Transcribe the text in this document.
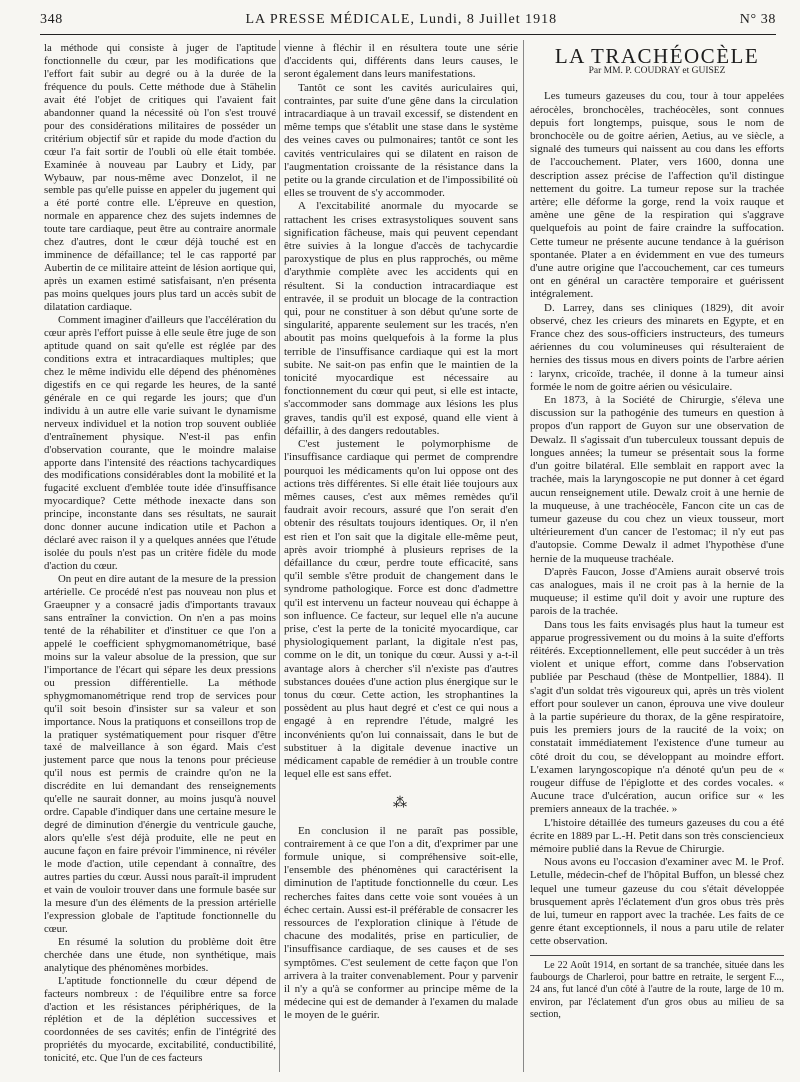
348	LA PRESSE MÉDICALE, Lundi, 8 Juillet 1918	N° 38

la méthode qui consiste à juger de l'aptitude fonctionnelle du cœur, par les modifications que l'effort fait subir au degré ou à la durée de la fréquence du pouls. Cette méthode due à Stähelin avait été l'objet de critiques qui l'avaient fait abandonner quand la nécessité où l'on s'est trouvé pour des considérations militaires de posséder un critérium objectif sûr et rapide du mode d'action du cœur l'a fait sortir de l'oubli où elle était tombée. Examinée à nouveau par Laubry et Lidy, par Wybauw, par nous-même avec Donzelot, il ne semble pas qu'elle puisse en appeler du jugement qui a été porté contre elle. L'épreuve en question, normale en apparence chez des sujets indemnes de toute tare cardiaque, peut être au contraire anormale chez d'autres, dont le cœur déjà touché est en imminence de défaillance; tel le cas rapporté par Aubertin de ce militaire atteint de lésion aortique qui, après un examen estimé satisfaisant, n'en présenta pas moins quelques jours plus tard un accès subit de dilatation cardiaque.

Comment imaginer d'ailleurs que l'accélération du cœur après l'effort puisse à elle seule être juge de son aptitude quand on sait qu'elle est réglée par des conditions extra et intracardiaques multiples; que chez le même individu elle dépend des phénomènes digestifs en ce qui regarde les heures, de la santé générale en ce qui regarde les jours; que d'un individu à un autre elle varie suivant le dynamisme nerveux individuel et la notion trop souvent oubliée d'entraînement physique. N'est-il pas enfin d'observation courante, que le moindre malaise apporte dans l'intensité des réactions tachycardiques des modifications considérables dont la mobilité et la fugacité excluent d'emblée toute idée d'insuffisance myocardique? Cette méthode inexacte dans son principe, inconstante dans ses résultats, ne saurait donc donner aucune indication utile et Pachon a déclaré avec raison il y a quelques années que l'étude isolée du pouls n'est pas un critère fidèle du mode d'action du cœur.

On peut en dire autant de la mesure de la pression artérielle. Ce procédé n'est pas nouveau non plus et Graeupner y a consacré jadis d'importants travaux sans entraîner la conviction. On n'en a pas moins tenté de la réhabiliter et d'instituer ce que l'on a appelé le coefficient sphygmomanométrique, basé moins sur la valeur absolue de la pression, que sur l'importance de l'écart qui sépare les deux pressions ou pression différentielle. La méthode sphygmomanométrique rend trop de services pour qu'il soit besoin d'insister sur sa valeur et son importance. Nous la pratiquons et conseillons trop de la pratiquer systématiquement pour risquer d'être taxé de malveillance à son égard. Mais c'est justement parce que nous la tenons pour précieuse qu'il nous est permis de craindre qu'on ne la discrédite en lui demandant des renseignements qu'elle ne saurait donner, au moins jusqu'à nouvel ordre. Capable d'indiquer dans une certaine mesure le degré de diminution d'énergie du ventricule gauche, alors qu'elle s'est déjà produite, elle ne peut en aucune façon en faire prévoir l'imminence, ni révéler le mode d'action, utile cependant à connaître, des autres parties du cœur. Aussi nous paraît-il imprudent et vain de vouloir trouver dans une formule basée sur la mesure d'un des éléments de la pression artérielle l'expression globale de l'aptitude fonctionnelle du cœur.

En résumé la solution du problème doit être cherchée dans une étude, non synthétique, mais analytique des phénomènes morbides.

L'aptitude fonctionnelle du cœur dépend de facteurs nombreux : de l'équilibre entre sa force d'action et les résistances périphériques, de la réplétion et de la déplétion successives et coordonnées de ses cavités; enfin de l'intégrité des propriétés du myocarde, excitabilité, conductibilité, tonicité, etc. Que l'un de ces facteurs

vienne à fléchir il en résultera toute une série d'accidents qui, différents dans leurs causes, le seront également dans leurs manifestations.

Tantôt ce sont les cavités auriculaires qui, contraintes, par suite d'une gêne dans la circulation intracardiaque à un travail excessif, se distendent en même temps que s'établit une stase dans le système des veines caves ou pulmonaires; tantôt ce sont les cavités ventriculaires qui se dilatent en raison de l'augmentation croissante de la résistance dans la petite ou la grande circulation et de l'impossibilité où elles se trouvent de s'y accommoder.

A l'excitabilité anormale du myocarde se rattachent les crises extrasystoliques souvent sans signification fâcheuse, mais qui peuvent cependant être suivies à la longue d'accès de tachycardie paroxystique de plus en plus rapprochés, ou même d'arythmie complète avec les accidents qui en résultent. Si la conduction intracardiaque est entravée, il se produit un blocage de la contraction qui, pour ne constituer à son début qu'une sorte de singularité, apparente seulement sur les tracés, n'en aboutit pas moins quelquefois à la forme la plus terrible de l'insuffisance cardiaque qui est la mort subite. Ne sait-on pas enfin que le maintien de la tonicité myocardique est nécessaire au fonctionnement du cœur qui peut, si elle est intacte, s'accommoder sans dommage aux lésions les plus graves, tandis qu'il est exposé, quand elle vient à défaillir, à des dangers redoutables.

C'est justement le polymorphisme de l'insuffisance cardiaque qui permet de comprendre pourquoi les médicaments qu'on lui oppose ont des actions très différentes. Si elle était liée toujours aux mêmes causes, c'est aux mêmes remèdes qu'il faudrait avoir recours, assuré que l'on serait d'en obtenir des résultats toujours identiques. Or, il n'en est rien et l'on sait que la digitale elle-même peut, après avoir triomphé à plusieurs reprises de la défaillance du cœur, perdre toute efficacité, sans qu'il semble s'être produit de changement dans le syndrome pathologique. Force est donc d'admettre qu'il est intervenu un facteur nouveau qui échappe à son influence. Ce facteur, sur lequel elle n'a aucune prise, c'est la perte de la tonicité myocardique, car physiologiquement parlant, la digitale n'est pas, comme on le dit, un tonique du cœur. Aussi y a-t-il avantage alors à chercher s'il n'existe pas d'autres substances douées d'une action plus énergique sur le tonus du cœur. Cette action, les strophantines la possèdent au plus haut degré et c'est ce qui nous a engagé à en reprendre l'étude, malgré les inconvénients qu'on lui connaissait, dans le but de substituer à la digitale devenue inactive un médicament capable de remédier à un trouble contre lequel elle est sans effet.

⁂

En conclusion il ne paraît pas possible, contrairement à ce que l'on a dit, d'exprimer par une formule unique, si compréhensive soit-elle, l'ensemble des phénomènes qui caractérisent la diminution de l'aptitude fonctionnelle du cœur. Les recherches faites dans cette voie sont vouées à un échec certain. Aussi est-il préférable de consacrer les ressources de l'exploration clinique à l'étude de chacune des modalités, prise en particulier, de l'insuffisance cardiaque, de ses causes et de ses symptômes. C'est seulement de cette façon que l'on arrivera à la traiter convenablement. Pour y parvenir il n'y a qu'à se conformer au principe même de la médecine qui est de demander à l'examen du malade le moyen de le guérir.

LA TRACHÉOCÈLE
Par MM. P. COUDRAY et GUISEZ

Les tumeurs gazeuses du cou, tour à tour appelées aérocèles, bronchocèles, trachéocèles, sont connues depuis fort longtemps, puisque, sous le nom de bronchocèle ou de goitre aérien, Aetius, au ve siècle, a signalé des tumeurs qui naissent au cou dans les efforts de l'accouchement. Plater, vers 1600, donna une description assez précise de l'affection qu'il distingue nettement du goitre. La tumeur repose sur la trachée artère; elle déforme la gorge, rend la voix rauque et amène une gêne de la respiration qui s'aggrave quelquefois au point de faire craindre la suffocation. Cette tumeur ne présente aucune tendance à la guérison spontanée. Plater a en évidemment en vue des tumeurs d'une autre origine que l'accouchement, car ces tumeurs ont en général un caractère temporaire et guérissent intégralement.

D. Larrey, dans ses cliniques (1829), dit avoir observé, chez les crieurs des minarets en Egypte, et en France chez des sous-officiers instructeurs, des tumeurs aériennes du cou volumineuses qui résulteraient de hernies des tissus mous en divers points de l'arbre aérien : larynx, cricoïde, trachée, il donne à la tumeur ainsi formée le nom de goitre aérien ou vésiculaire.

En 1873, à la Société de Chirurgie, s'éleva une discussion sur la pathogénie des tumeurs en question à propos d'un rapport de Guyon sur une observation de Dewalz. Il s'agissait d'un tuberculeux toussant depuis de longues années; la tumeur se présentait sous la forme d'un goitre bilatéral. Elle semblait en rapport avec la trachée, mais la laryngoscopie ne put donner à cet égard aucun renseignement utile. Dewalz croit à une hernie de la muqueuse, à une trachéocèle, Fancon cite un cas de tumeur gazeuse du cou chez un vieux tousseur, mort ultérieurement d'un cancer de l'estomac; il n'y eut pas d'autopsie. Comme Dewalz il admet l'hypothèse d'une hernie de la muqueuse trachéale.

D'après Faucon, Josse d'Amiens aurait observé trois cas analogues, mais il ne croit pas à la hernie de la muqueuse; il estime qu'il doit y avoir une rupture des parois de la trachée.

Dans tous les faits envisagés plus haut la tumeur est apparue progressivement ou du moins à la suite d'efforts réitérés. Exceptionnellement, elle peut succéder à un très violent et unique effort, comme dans l'observation publiée par Peschaud (thèse de Montpellier, 1884). Il s'agit d'un soldat très vigoureux qui, après un très violent effort pour soulever un canon, éprouva une vive douleur à la partie supérieure du thorax, de la gêne respiratoire, puis les premiers jours de la raucité de la voix; on constatait immédiatement l'existence d'une tumeur au côté droit du cou, se développant au moindre effort. L'examen laryngoscopique n'a dénoté qu'un peu de « rougeur diffuse de l'épiglotte et des cordes vocales. « Aucune trace d'ulcération, aucun orifice sur « les premiers anneaux de la trachée. »

L'histoire détaillée des tumeurs gazeuses du cou a été écrite en 1889 par L.-H. Petit dans son très consciencieux mémoire publié dans la Revue de Chirurgie.

Nous avons eu l'occasion d'examiner avec M. le Prof. Letulle, médecin-chef de l'hôpital Buffon, un blessé chez lequel une tumeur gazeuse du cou s'était développée brusquement après l'éclatement d'un gros obus très près de lui, tumeur en rapport avec la trachée. Les faits de ce genre étant exceptionnels, il nous a paru utile de relater cette observation.

Le 22 Août 1914, en sortant de sa tranchée, située dans les faubourgs de Charleroi, pour battre en retraite, le sergent F..., 24 ans, fut lancé d'un côté à l'autre de la route, large de 10 m. environ, par l'éclatement d'un gros obus au milieu de sa section,
